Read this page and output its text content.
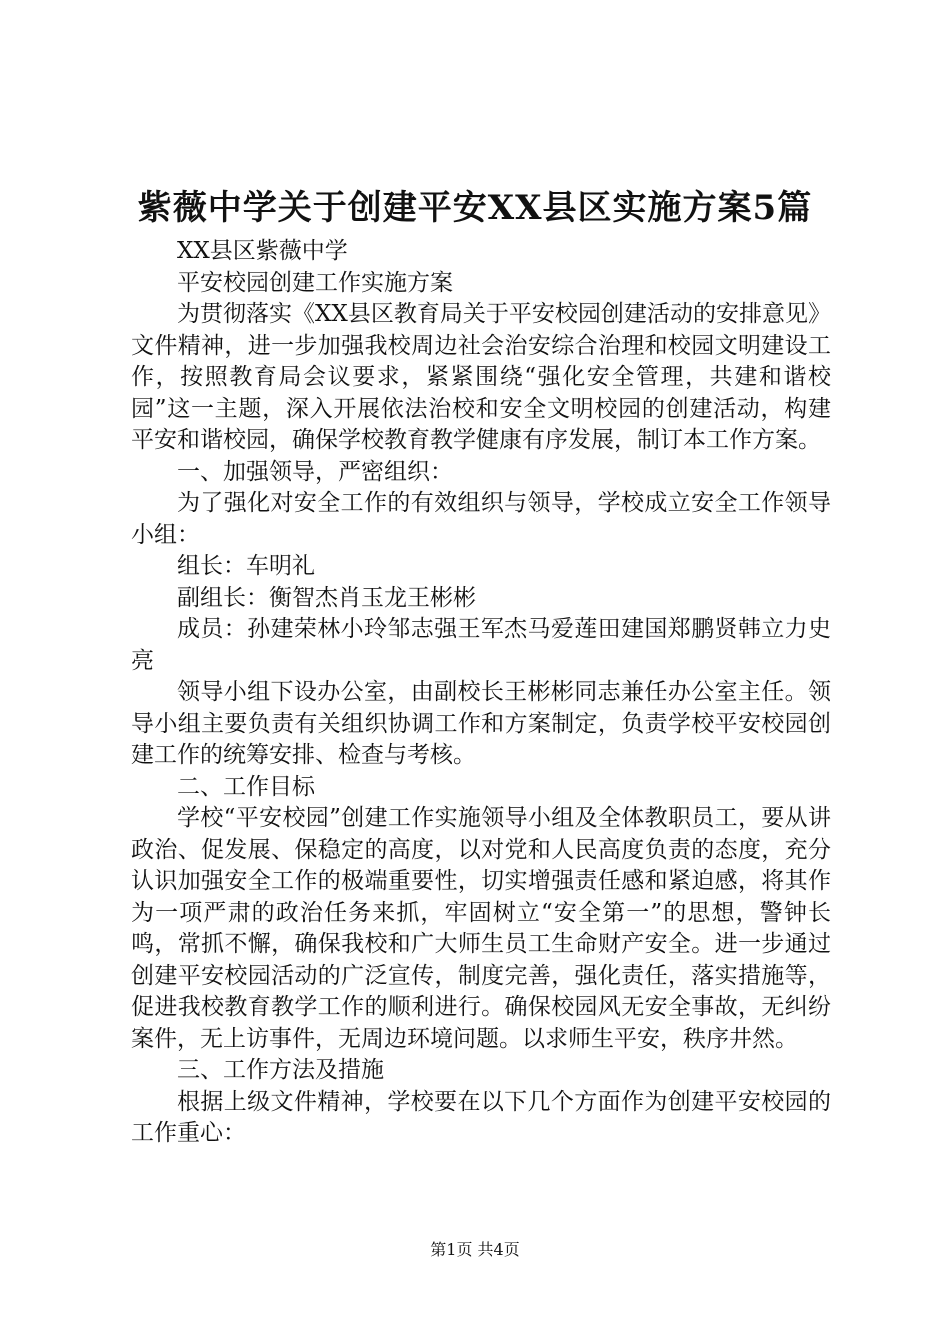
紫薇中学关于创建平安XX县区实施方案5篇

XX县区紫薇中学

平安校园创建工作实施方案

为贯彻落实《XX县区教育局关于平安校园创建活动的安排意见》文件精神，进一步加强我校周边社会治安综合治理和校园文明建设工作，按照教育局会议要求，紧紧围绕“强化安全管理，共建和谐校园”这一主题，深入开展依法治校和安全文明校园的创建活动，构建平安和谐校园，确保学校教育教学健康有序发展，制订本工作方案。

一、加强领导，严密组织：

为了强化对安全工作的有效组织与领导，学校成立安全工作领导小组：

组长：车明礼

副组长：衡智杰肖玉龙王彬彬

成员：孙建荣林小玲邹志强王军杰马爱莲田建国郑鹏贤韩立力史亮

领导小组下设办公室，由副校长王彬彬同志兼任办公室主任。领导小组主要负责有关组织协调工作和方案制定，负责学校平安校园创建工作的统筹安排、检查与考核。

二、工作目标

学校“平安校园”创建工作实施领导小组及全体教职员工，要从讲政治、促发展、保稳定的高度，以对党和人民高度负责的态度，充分认识加强安全工作的极端重要性，切实增强责任感和紧迫感，将其作为一项严肃的政治任务来抓，牢固树立“安全第一”的思想，警钟长鸣，常抓不懈，确保我校和广大师生员工生命财产安全。进一步通过创建平安校园活动的广泛宣传，制度完善，强化责任，落实措施等，促进我校教育教学工作的顺利进行。确保校园风无安全事故，无纠纷案件，无上访事件，无周边环境问题。以求师生平安，秩序井然。

三、工作方法及措施

根据上级文件精神，学校要在以下几个方面作为创建平安校园的工作重心：

第1页 共4页
